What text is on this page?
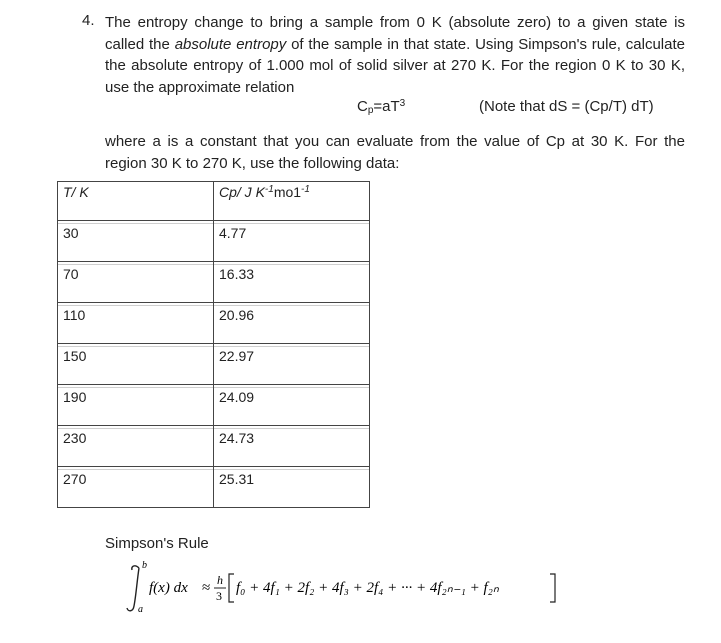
4. The entropy change to bring a sample from 0 K (absolute zero) to a given state is called the absolute entropy of the sample in that state. Using Simpson's rule, calculate the absolute entropy of 1.000 mol of solid silver at 270 K. For the region 0 K to 30 K, use the approximate relation
$C_p=aT^3$	(Note that dS = (Cp/T) dT)
where a is a constant that you can evaluate from the value of Cp at 30 K. For the region 30 K to 270 K, use the following data:
T/ K	Cp/ J $K^{-1}mo1^{-1}$

30	4.77

70	16.33

110	20.96

150	22.97

190	24.09

230	24.73

270	25.31
Simpson's Rule
b
a
f(x) dx ≈ h
3 f₀ + 4f₁ + 2f₂ + 4f₃ + 2f₄ + ··· + 4f₂ₙ₋₁ + f₂ₙ
